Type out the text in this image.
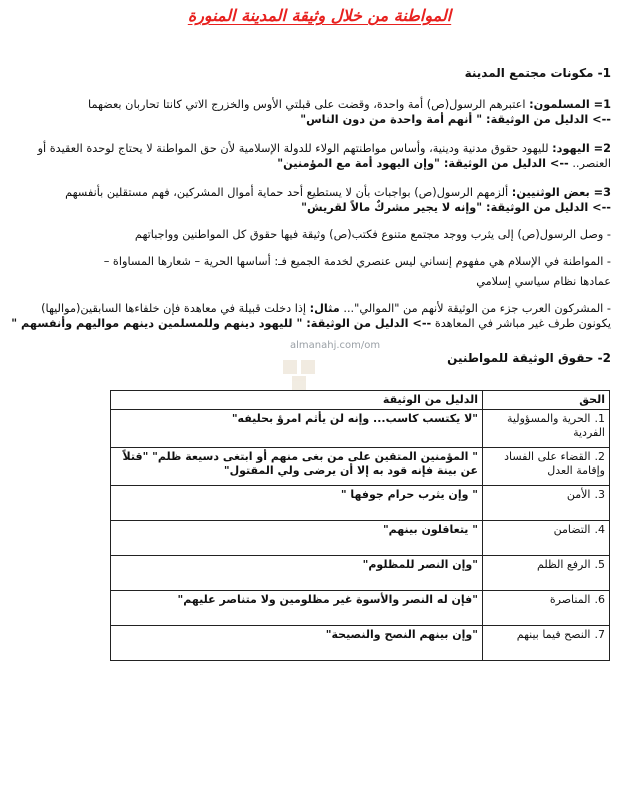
المواطنة من خلال وثيقة المدينة المنورة
1- مكونات مجتمع المدينة
1= المسلمون: اعتبرهم الرسول(ص) أمة واحدة، وقضت على قبلتي الأوس والخزرج الاتي كانتا تحاربان بعضهما
--> الدليل من الوثيقة: " أنهم أمة واحدة من دون الناس"
2= اليهود: لليهود حقوق مدنية ودينية، وأساس مواطنتهم الولاء للدولة الإسلامية لأن حق المواطنة لا يحتاج لوحدة العقيدة أو
العنصر.. --> الدليل من الوثيقة: "وإن اليهود أمة مع المؤمنين"
3= بعض الوثنيين: ألزمهم الرسول(ص) بواجبات بأن لا يستطيع أحد حماية أموال المشركين، فهم مستقلين بأنفسهم
--> الدليل من الوثيقة: "وإنه لا يجير مشركٌ مالاً لقريش"
- وصل الرسول(ص) إلى يثرب ووجد مجتمع متنوع فكتب(ص) وثيقة فيها حقوق كل المواطنين وواجباتهم
- المواطنة في الإسلام هي مفهوم إنساني ليس عنصري لخدمة الجميع فـ: أساسها الحرية – شعارها المساواة –
عمادها نظام سياسي إسلامي
- المشركون العرب جزء من الوثيقة لأنهم من "الموالي"... مثال: إذا دخلت قبيلة في معاهدة فإن خلفاءها السابقين(مواليها)
يكونون طرف غير مباشر في المعاهدة --> الدليل من الوثيقة: " لليهود دينهم وللمسلمين دينهم مواليهم وأنفسهم "
2- حقوق الوثيقة للمواطنين
almanahj.com/om
الحق	الدليل من الوثيقة
1.الحرية والمسؤولية الفردية	"لا يكتسب كاسب... وإنه لن يأثم امرؤ بحليفه"
2.القضاء على الفساد وإقامة العدل	" المؤمنين المتقين على من بغى منهم أو ابتغى دسيعة ظلم" "قتلاً عن بينة فإنه قود به إلا أن يرضى ولي المقتول"
3.الأمن	" وإن يثرب حرام جوفها "
4.التضامن	" يتعاقلون بينهم"
5.الرفع الظلم	"وإن النصر للمظلوم"
6.المناصرة	"فإن له النصر والأسوة غير مظلومين ولا متناصر عليهم"
7.النصح فيما بينهم	"وإن بينهم النصح والنصيحة"
